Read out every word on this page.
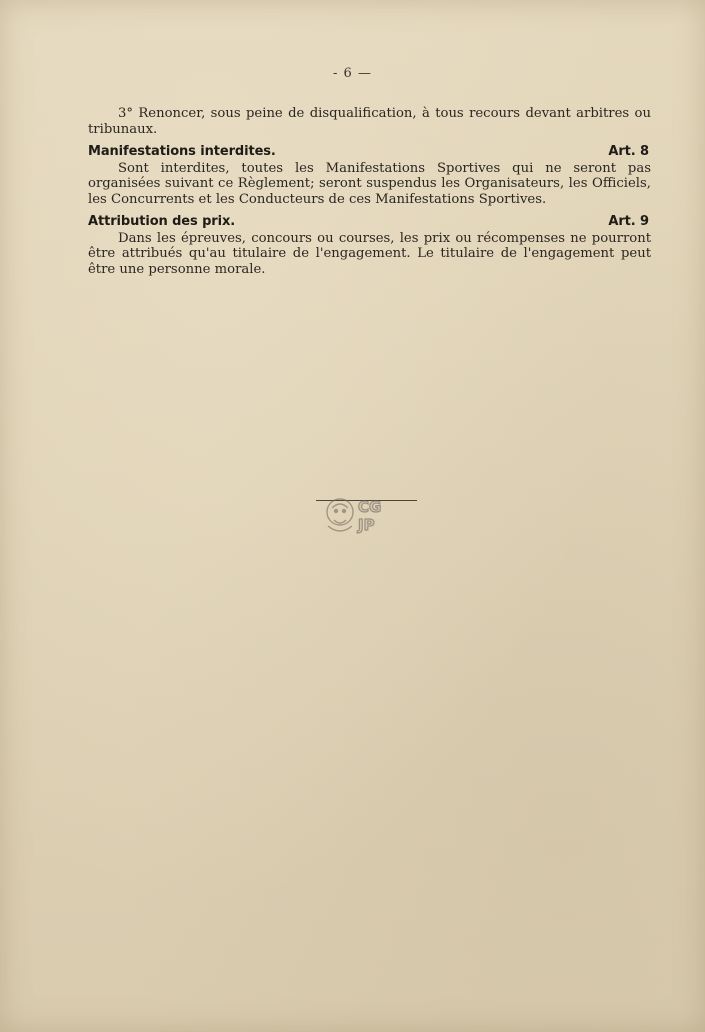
- 6 —

3° Renoncer, sous peine de disqualification, à tous recours devant arbitres ou tribunaux.

Manifestations interdites.	Art. 8

Sont interdites, toutes les Manifestations Sportives qui ne seront pas organisées suivant ce Règlement; seront suspendus les Organisateurs, les Officiels, les Concurrents et les Conducteurs de ces Manifestations Sportives.

Attribution des prix.	Art. 9

Dans les épreuves, concours ou courses, les prix ou récompenses ne pourront être attribués qu'au titulaire de l'engagement. Le titulaire de l'engagement peut être une personne morale.

CG
JP
